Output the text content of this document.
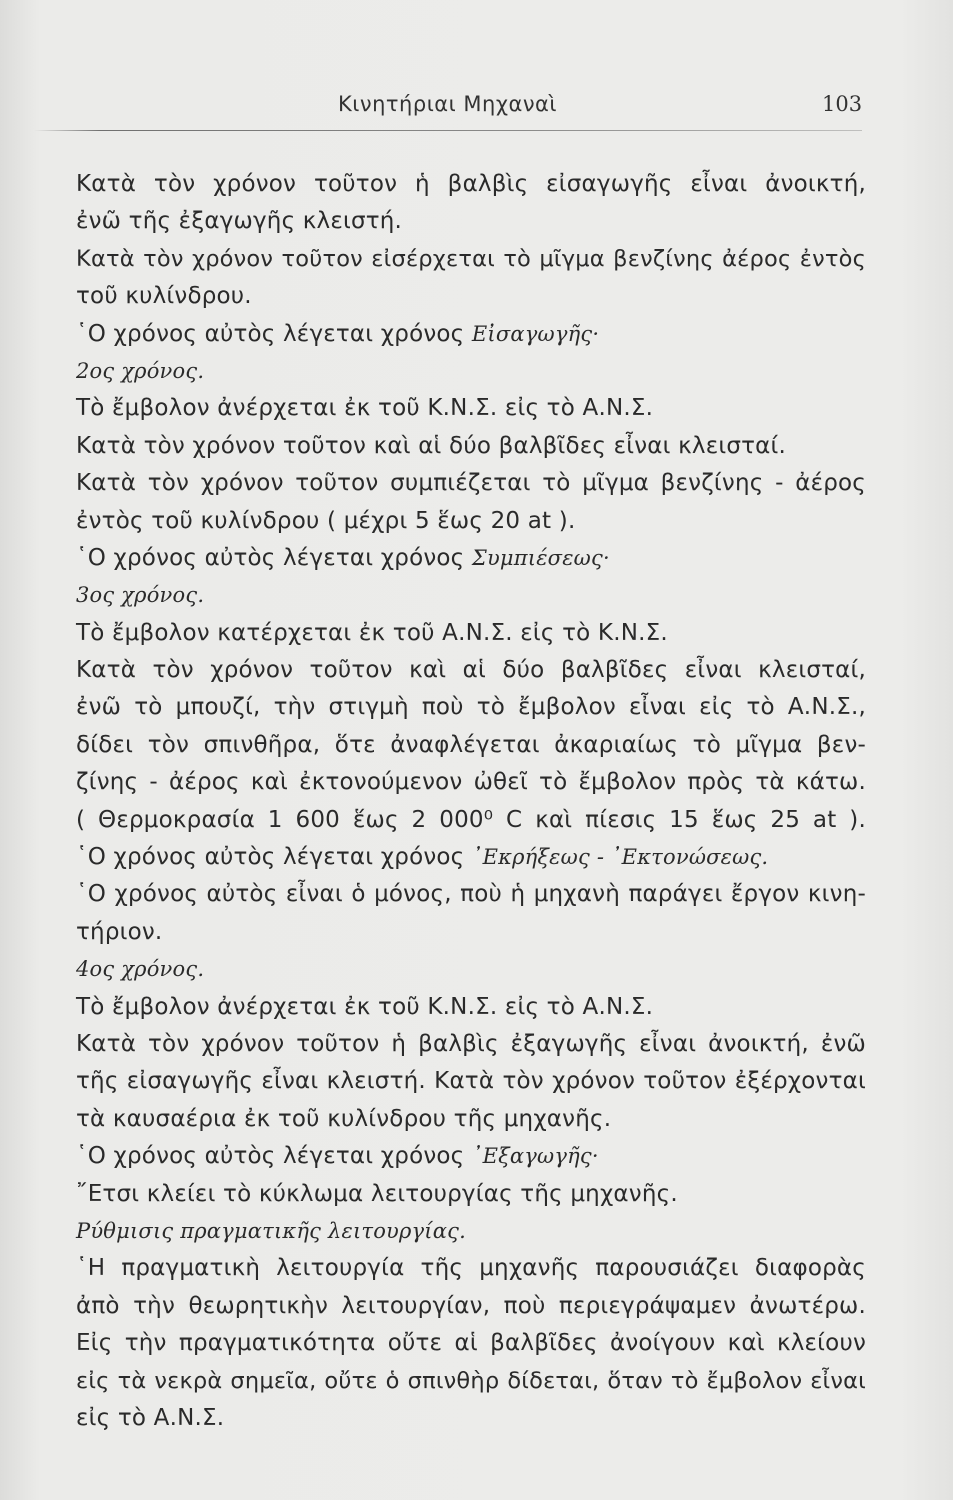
Κινητήριαι Μηχαναὶ	103
Κατὰ τὸν χρόνον τοῦτον ἡ βαλβὶς εἰσαγωγῆς εἶναι ἀνοικτή,
ἐνῶ τῆς ἐξαγωγῆς κλειστή.
Κατὰ τὸν χρόνον τοῦτον εἰσέρχεται τὸ μῖγμα βενζίνης ἀέρος ἐντὸς
τοῦ κυλίνδρου.
῾Ο χρόνος αὐτὸς λέγεται χρόνος Εἰσαγωγῆς·
2ος χρόνος.
Τὸ ἔμβολον ἀνέρχεται ἐκ τοῦ Κ.Ν.Σ. εἰς τὸ Α.Ν.Σ.
Κατὰ τὸν χρόνον τοῦτον καὶ αἱ δύο βαλβῖδες εἶναι κλεισταί.
Κατὰ τὸν χρόνον τοῦτον συμπιέζεται τὸ μῖγμα βενζίνης - ἀέρος
ἐντὸς τοῦ κυλίνδρου ( μέχρι 5 ἕως 20 at ).
῾Ο χρόνος αὐτὸς λέγεται χρόνος Συμπιέσεως·
3ος χρόνος.
Τὸ ἔμβολον κατέρχεται ἐκ τοῦ Α.Ν.Σ. εἰς τὸ Κ.Ν.Σ.
Κατὰ τὸν χρόνον τοῦτον καὶ αἱ δύο βαλβῖδες εἶναι κλεισταί,
ἐνῶ τὸ μπουζί, τὴν στιγμὴ ποὺ τὸ ἔμβολον εἶναι εἰς τὸ Α.Ν.Σ.,
δίδει τὸν σπινθῆρα, ὅτε ἀναφλέγεται ἀκαριαίως τὸ μῖγμα βεν-
ζίνης - ἀέρος καὶ ἐκτονούμενον ὠθεῖ τὸ ἔμβολον πρὸς τὰ κάτω.
( Θερμοκρασία 1 600 ἕως 2 000⁰ C καὶ πίεσις 15 ἕως 25 at ).
῾Ο χρόνος αὐτὸς λέγεται χρόνος ᾿Εκρήξεως - ᾿Εκτονώσεως.
῾Ο χρόνος αὐτὸς εἶναι ὁ μόνος, ποὺ ἡ μηχανὴ παράγει ἔργον κινη-
τήριον.
4ος χρόνος.
Τὸ ἔμβολον ἀνέρχεται ἐκ τοῦ Κ.Ν.Σ. εἰς τὸ Α.Ν.Σ.
Κατὰ τὸν χρόνον τοῦτον ἡ βαλβὶς ἐξαγωγῆς εἶναι ἀνοικτή, ἐνῶ
τῆς εἰσαγωγῆς εἶναι κλειστή. Κατὰ τὸν χρόνον τοῦτον ἐξέρχονται
τὰ καυσαέρια ἐκ τοῦ κυλίνδρου τῆς μηχανῆς.
῾Ο χρόνος αὐτὸς λέγεται χρόνος ᾿Εξαγωγῆς·
῎Ετσι κλείει τὸ κύκλωμα λειτουργίας τῆς μηχανῆς.
Ρύθμισις πραγματικῆς λειτουργίας.
῾Η πραγματικὴ λειτουργία τῆς μηχανῆς παρουσιάζει διαφορὰς
ἀπὸ τὴν θεωρητικὴν λειτουργίαν, ποὺ περιεγράψαμεν ἀνωτέρω.
Εἰς τὴν πραγματικότητα οὔτε αἱ βαλβῖδες ἀνοίγουν καὶ κλείουν
εἰς τὰ νεκρὰ σημεῖα, οὔτε ὁ σπινθὴρ δίδεται, ὅταν τὸ ἔμβολον εἶναι
εἰς τὸ Α.Ν.Σ.
